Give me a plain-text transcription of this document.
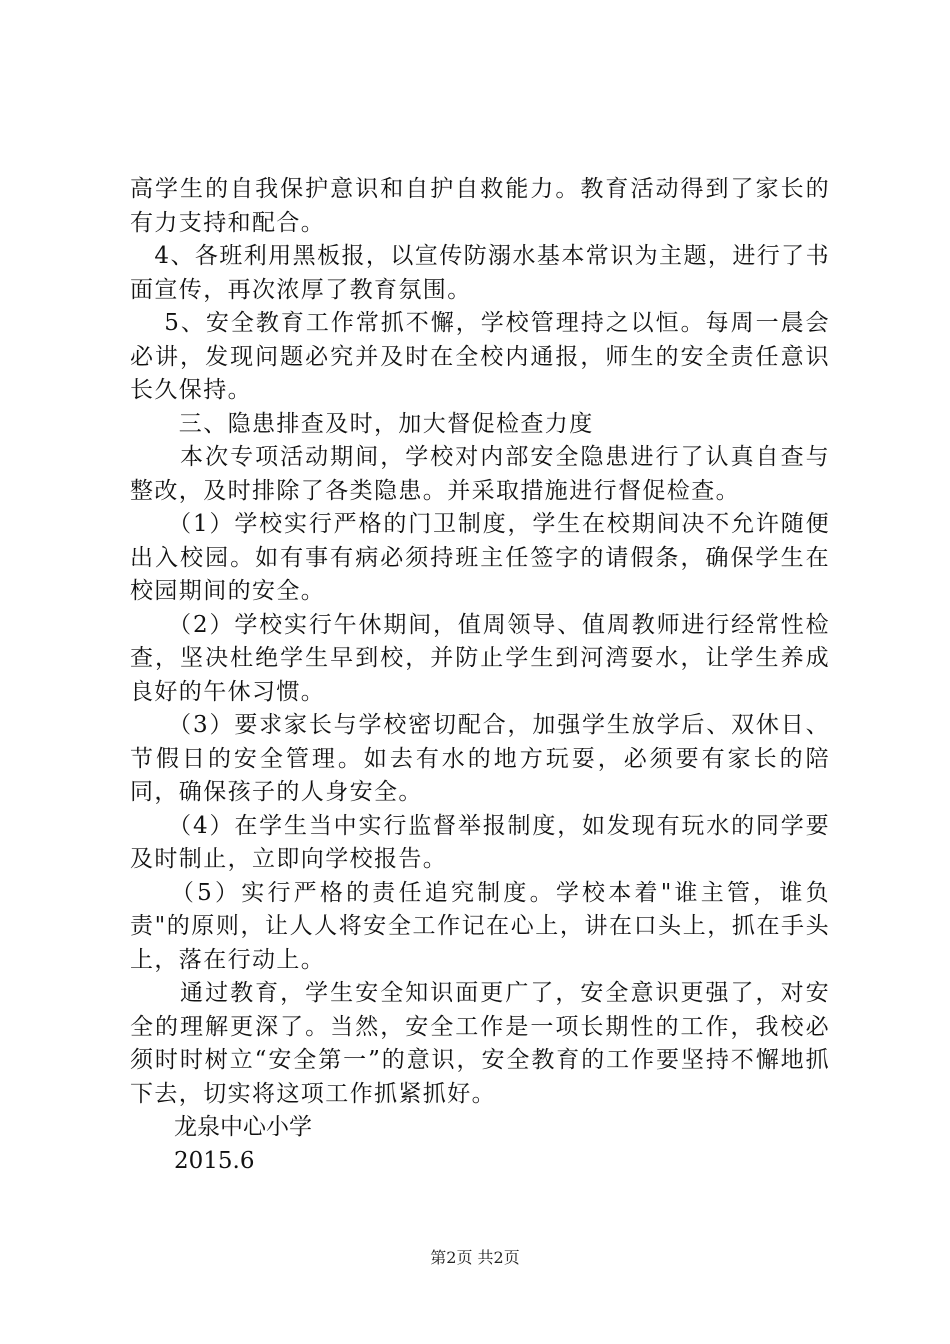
高学生的自我保护意识和自护自救能力。教育活动得到了家长的有力支持和配合。

　4、各班利用黑板报，以宣传防溺水基本常识为主题，进行了书面宣传，再次浓厚了教育氛围。

　 5、安全教育工作常抓不懈，学校管理持之以恒。每周一晨会必讲，发现问题必究并及时在全校内通报，师生的安全责任意识长久保持。

　　三、隐患排查及时，加大督促检查力度

　　本次专项活动期间，学校对内部安全隐患进行了认真自查与整改，及时排除了各类隐患。并采取措施进行督促检查。

　　（1）学校实行严格的门卫制度，学生在校期间决不允许随便出入校园。如有事有病必须持班主任签字的请假条，确保学生在校园期间的安全。

　　（2）学校实行午休期间，值周领导、值周教师进行经常性检查，坚决杜绝学生早到校，并防止学生到河湾耍水，让学生养成良好的午休习惯。

　　（3）要求家长与学校密切配合，加强学生放学后、双休日、节假日的安全管理。如去有水的地方玩耍，必须要有家长的陪同，确保孩子的人身安全。

　　（4）在学生当中实行监督举报制度，如发现有玩水的同学要及时制止，立即向学校报告。

　　（5）实行严格的责任追究制度。学校本着"谁主管，谁负责"的原则，让人人将安全工作记在心上，讲在口头上，抓在手头上，落在行动上。

　　通过教育，学生安全知识面更广了，安全意识更强了，对安全的理解更深了。当然，安全工作是一项长期性的工作，我校必须时时树立“安全第一”的意识，安全教育的工作要坚持不懈地抓下去，切实将这项工作抓紧抓好。

龙泉中心小学

2015.6

第2页 共2页
